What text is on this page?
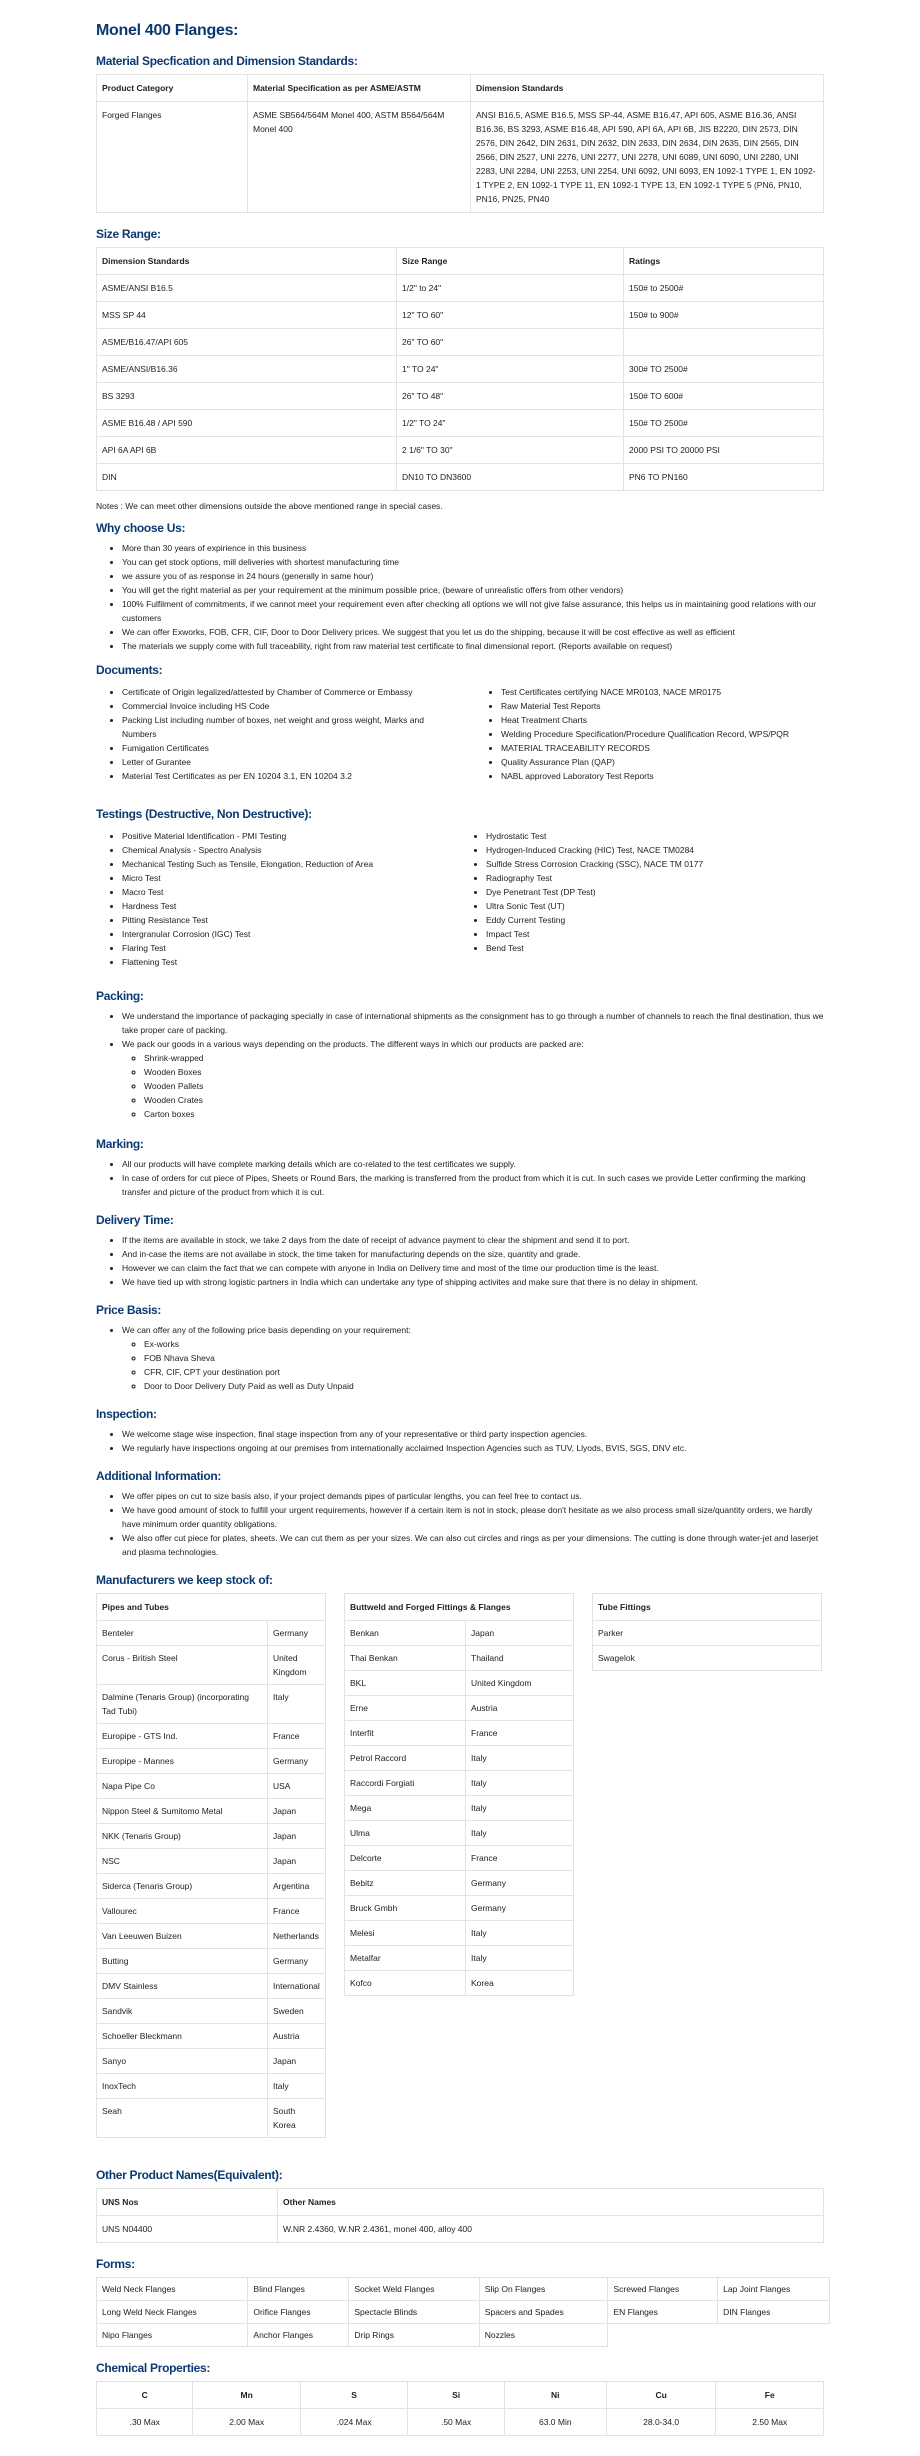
Monel 400 Flanges:
Material Specfication and Dimension Standards:
Product Category	Material Specification as per ASME/ASTM	Dimension Standards
Forged Flanges	ASME SB564/564M Monel 400, ASTM B564/564M Monel 400	ANSI B16.5, ASME B16.5, MSS SP-44, ASME B16.47, API 605, ASME B16.36, ANSI B16.36, BS 3293, ASME B16.48, API 590, API 6A, API 6B, JIS B2220, DIN 2573, DIN 2576, DIN 2642, DIN 2631, DIN 2632, DIN 2633, DIN 2634, DIN 2635, DIN 2565, DIN 2566, DIN 2527, UNI 2276, UNI 2277, UNI 2278, UNI 6089, UNI 6090, UNI 2280, UNI 2283, UNI 2284, UNI 2253, UNI 2254, UNI 6092, UNI 6093, EN 1092-1 TYPE 1, EN 1092-1 TYPE 2, EN 1092-1 TYPE 11, EN 1092-1 TYPE 13, EN 1092-1 TYPE 5 (PN6, PN10, PN16, PN25, PN40
Size Range:
Dimension Standards	Size Range	Ratings
ASME/ANSI B16.5	1/2" to 24"	150# to 2500#
MSS SP 44	12" TO 60"	150# to 900#
ASME/B16.47/API 605	26" TO 60"	
ASME/ANSI/B16.36	1" TO 24"	300# TO 2500#
BS 3293	26" TO 48"	150# TO 600#
ASME B16.48 / API 590	1/2" TO 24"	150# TO 2500#
API 6A API 6B	2 1/6" TO 30"	2000 PSI TO 20000 PSI
DIN	DN10 TO DN3600	PN6 TO PN160

Notes : We can meet other dimensions outside the above mentioned range in special cases.

Why choose Us:
• More than 30 years of expirience in this business
• You can get stock options, mill deliveries with shortest manufacturing time
• we assure you of as response in 24 hours (generally in same hour)
• You will get the right material as per your requirement at the minimum possible price, (beware of unrealistic offers from other vendors)
• 100% Fulfilment of commitments, if we cannot meet your requirement even after checking all options we will not give false assurance, this helps us in maintaining good relations with our customers
• We can offer Exworks, FOB, CFR, CIF, Door to Door Delivery prices. We suggest that you let us do the shipping, because it will be cost effective as well as efficient
• The materials we supply come with full traceability, right from raw material test certificate to final dimensional report. (Reports available on request)
Documents:
• Certificate of Origin legalized/attested by Chamber of Commerce or Embassy
• Commercial Invoice including HS Code
• Packing List including number of boxes, net weight and gross weight, Marks and Numbers
• Fumigation Certificates
• Letter of Gurantee
• Material Test Certificates as per EN 10204 3.1, EN 10204 3.2
• Test Certificates certifying NACE MR0103, NACE MR0175
• Raw Material Test Reports
• Heat Treatment Charts
• Welding Procedure Specification/Procedure Qualification Record, WPS/PQR
• MATERIAL TRACEABILITY RECORDS
• Quality Assurance Plan (QAP)
• NABL approved Laboratory Test Reports
Testings (Destructive, Non Destructive):
• Positive Material Identification - PMI Testing
• Chemical Analysis - Spectro Analysis
• Mechanical Testing Such as Tensile, Elongation, Reduction of Area
• Micro Test
• Macro Test
• Hardness Test
• Pitting Resistance Test
• Intergranular Corrosion (IGC) Test
• Flaring Test
• Flattening Test
• Hydrostatic Test
• Hydrogen-Induced Cracking (HIC) Test, NACE TM0284
• Sulfide Stress Corrosion Cracking (SSC), NACE TM 0177
• Radiography Test
• Dye Penetrant Test (DP Test)
• Ultra Sonic Test (UT)
• Eddy Current Testing
• Impact Test
• Bend Test
Packing:
• We understand the importance of packaging specially in case of international shipments as the consignment has to go through a number of channels to reach the final destination, thus we take proper care of packing.
• We pack our goods in a various ways depending on the products. The different ways in which our products are packed are:
◦ Shrink-wrapped
◦ Wooden Boxes
◦ Wooden Pallets
◦ Wooden Crates
◦ Carton boxes
Marking:
• All our products will have complete marking details which are co-related to the test certificates we supply.
• In case of orders for cut piece of Pipes, Sheets or Round Bars, the marking is transferred from the product from which it is cut. In such cases we provide Letter confirming the marking transfer and picture of the product from which it is cut.
Delivery Time:
• If the items are available in stock, we take 2 days from the date of receipt of advance payment to clear the shipment and send it to port.
• And in-case the items are not availabe in stock, the time taken for manufacturing depends on the size, quantity and grade.
• However we can claim the fact that we can compete with anyone in India on Delivery time and most of the time our production time is the least.
• We have tied up with strong logistic partners in India which can undertake any type of shipping activites and make sure that there is no delay in shipment.
Price Basis:
• We can offer any of the following price basis depending on your requirement:
◦ Ex-works
◦ FOB Nhava Sheva
◦ CFR, CIF, CPT your destination port
◦ Door to Door Delivery Duty Paid as well as Duty Unpaid
Inspection:
• We welcome stage wise inspection, final stage inspection from any of your representative or third party inspection agencies.
• We regularly have inspections ongoing at our premises from internationally acclaimed Inspection Agencies such as TUV, Llyods, BVIS, SGS, DNV etc.
Additional Information:
• We offer pipes on cut to size basis also, if your project demands pipes of particular lengths, you can feel free to contact us.
• We have good amount of stock to fulfill your urgent requirements, however if a certain item is not in stock, please don't hesitate as we also process small size/quantity orders, we hardly have minimum order quantity obligations.
• We also offer cut piece for plates, sheets. We can cut them as per your sizes. We can also cut circles and rings as per your dimensions. The cutting is done through water-jet and laserjet and plasma technologies.
Manufacturers we keep stock of:
Pipes and Tubes	
Benteler	Germany
Corus - British Steel	United Kingdom
Dalmine (Tenaris Group) (incorporating Tad Tubi)	Italy
Europipe - GTS Ind.	France
Europipe - Mannes	Germany
Napa Pipe Co	USA
Nippon Steel & Sumitomo Metal	Japan
NKK (Tenaris Group)	Japan
NSC	Japan
Siderca (Tenaris Group)	Argentina
Vallourec	France
Van Leeuwen Buizen	Netherlands
Butting	Germany
DMV Stainless	International
Sandvik	Sweden
Schoeller Bleckmann	Austria
Sanyo	Japan
InoxTech	Italy
Seah	South Korea
Buttweld and Forged Fittings & Flanges	
Benkan	Japan
Thai Benkan	Thailand
BKL	United Kingdom
Erne	Austria
Interfit	France
Petrol Raccord	Italy
Raccordi Forgiati	Italy
Mega	Italy
Ulma	Italy
Delcorte	France
Bebitz	Germany
Bruck Gmbh	Germany
Melesi	Italy
Metalfar	Italy
Kofco	Korea
Tube Fittings
Parker
Swagelok
Other Product Names(Equivalent):
UNS Nos	Other Names
UNS N04400	W.NR 2.4360, W.NR 2.4361, monel 400, alloy 400
Forms:
Weld Neck Flanges	Blind Flanges	Socket Weld Flanges	Slip On Flanges	Screwed Flanges	Lap Joint Flanges
Long Weld Neck Flanges	Orifice Flanges	Spectacle Blinds	Spacers and Spades	EN Flanges	DIN Flanges
Nipo Flanges	Anchor Flanges	Drip Rings	Nozzles		
Chemical Properties:
C	Mn	S	Si	Ni	Cu	Fe
.30 Max	2.00 Max	.024 Max	.50 Max	63.0 Min	28.0-34.0	2.50 Max
